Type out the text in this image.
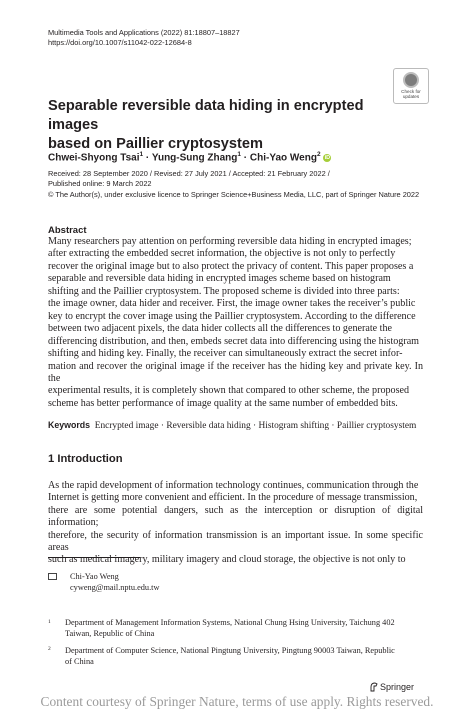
Multimedia Tools and Applications (2022) 81:18807–18827
https://doi.org/10.1007/s11042-022-12684-8
Check for
updates
Separable reversible data hiding in encrypted images
based on Paillier cryptosystem
Chwei-Shyong Tsai$^1$ · Yung-Sung Zhang$^1$ · Chi-Yao Weng$^2$ iD
Received: 28 September 2020 / Revised: 27 July 2021 / Accepted: 21 February 2022 /
Published online: 9 March 2022
© The Author(s), under exclusive licence to Springer Science+Business Media, LLC, part of Springer Nature 2022
Abstract
Many researchers pay attention on performing reversible data hiding in encrypted images;
after extracting the embedded secret information, the objective is not only to perfectly
recover the original image but to also protect the privacy of content. This paper proposes a
separable and reversible data hiding in encrypted images scheme based on histogram
shifting and the Paillier cryptosystem. The proposed scheme is divided into three parts:
the image owner, data hider and receiver. First, the image owner takes the receiver’s public
key to encrypt the cover image using the Paillier cryptosystem. According to the difference
between two adjacent pixels, the data hider collects all the differences to generate the
differencing distribution, and then, embeds secret data into differencing using the histogram
shifting and hiding key. Finally, the receiver can simultaneously extract the secret infor-
mation and recover the original image if the receiver has the hiding key and private key. In the
experimental results, it is completely shown that compared to other scheme, the proposed
scheme has better performance of image quality at the same number of embedded bits.
Keywords Encrypted image · Reversible data hiding · Histogram shifting · Paillier cryptosystem
1 Introduction
As the rapid development of information technology continues, communication through the
Internet is getting more convenient and efficient. In the procedure of message transmission,
there are some potential dangers, such as the interception or disruption of digital information;
therefore, the security of information transmission is an important issue. In some specific areas
such as medical imagery, military imagery and cloud storage, the objective is not only to
Chi-Yao Weng
cyweng@mail.nptu.edu.tw
1 Department of Management Information Systems, National Chung Hsing University, Taichung 402
Taiwan, Republic of China
2 Department of Computer Science, National Pingtung University, Pingtung 90003 Taiwan, Republic
of China
Springer
Content courtesy of Springer Nature, terms of use apply. Rights reserved.
